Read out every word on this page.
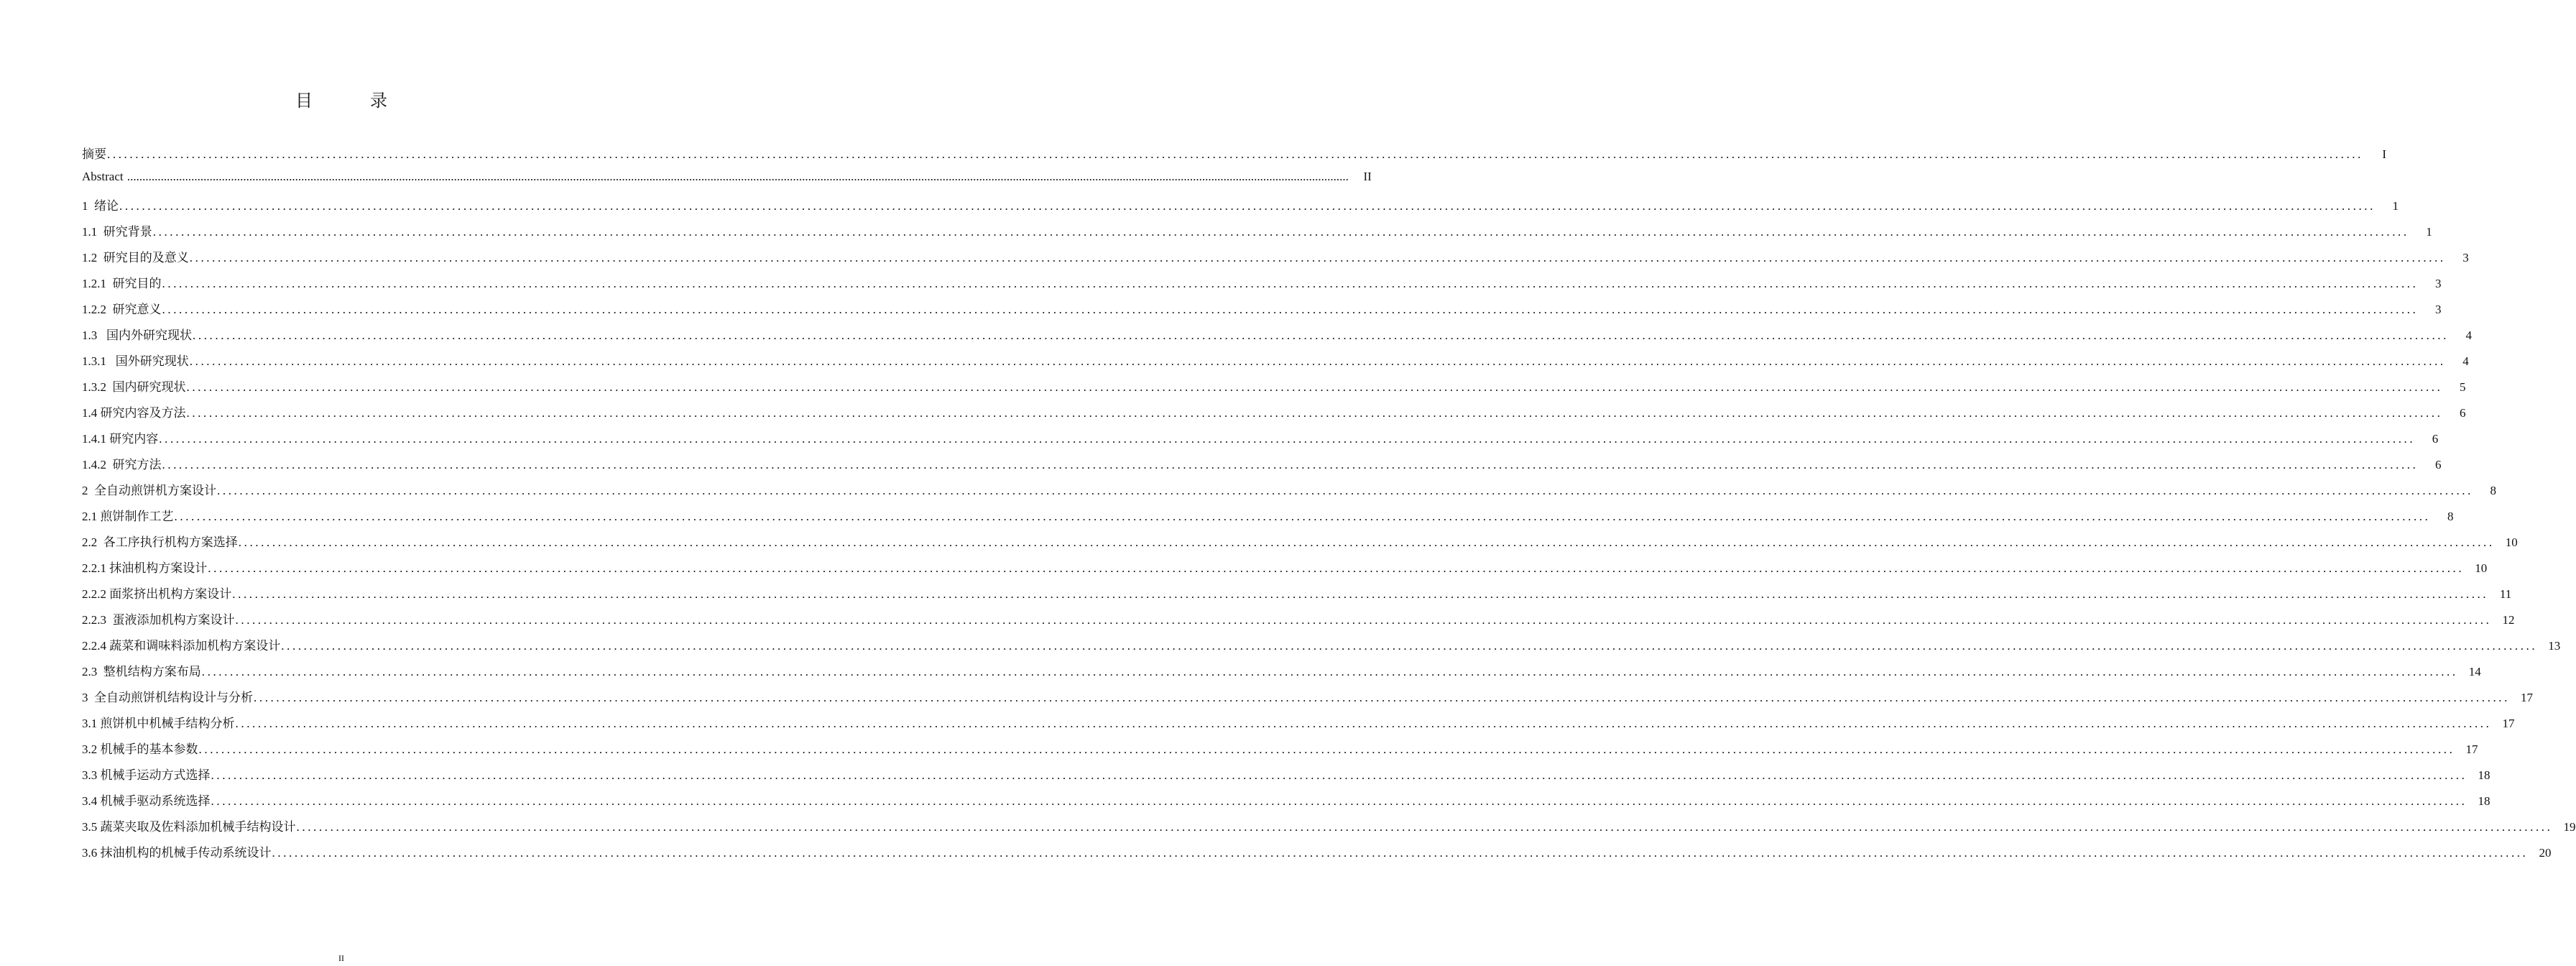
目　录
摘要 ................................................................................................................................................................................................................................................................................................................................................................................................................	I
Abstract ................................................................................................................................................................................................................................................................................................................................................................................................................	II
1  绪论 ................................................................................................................................................................................................................................................................................................................................................................................................................	1
1.1  研究背景 ................................................................................................................................................................................................................................................................................................................................................................................................................	1
1.2  研究目的及意义 ................................................................................................................................................................................................................................................................................................................................................................................................................	3
1.2.1  研究目的 ................................................................................................................................................................................................................................................................................................................................................................................................................	3
1.2.2  研究意义 ................................................................................................................................................................................................................................................................................................................................................................................................................	3
1.3   国内外研究现状 ................................................................................................................................................................................................................................................................................................................................................................................................................	4
1.3.1   国外研究现状 ................................................................................................................................................................................................................................................................................................................................................................................................................	4
1.3.2  国内研究现状 ................................................................................................................................................................................................................................................................................................................................................................................................................	5
1.4 研究内容及方法 ................................................................................................................................................................................................................................................................................................................................................................................................................	6
1.4.1 研究内容 ................................................................................................................................................................................................................................................................................................................................................................................................................	6
1.4.2  研究方法 ................................................................................................................................................................................................................................................................................................................................................................................................................	6
2  全自动煎饼机方案设计 ................................................................................................................................................................................................................................................................................................................................................................................................................	8
2.1 煎饼制作工艺 ................................................................................................................................................................................................................................................................................................................................................................................................................	8
2.2  各工序执行机构方案选择 ................................................................................................................................................................................................................................................................................................................................................................................................................ 10
2.2.1 抹油机构方案设计 ................................................................................................................................................................................................................................................................................................................................................................................................................ 10
2.2.2 面浆挤出机构方案设计 ................................................................................................................................................................................................................................................................................................................................................................................................................ 11
2.2.3  蛋液添加机构方案设计 ................................................................................................................................................................................................................................................................................................................................................................................................................ 12
2.2.4 蔬菜和调味料添加机构方案设计 ................................................................................................................................................................................................................................................................................................................................................................................................................ 13
2.3  整机结构方案布局 ................................................................................................................................................................................................................................................................................................................................................................................................................ 14
3  全自动煎饼机结构设计与分析 ................................................................................................................................................................................................................................................................................................................................................................................................................ 17
3.1 煎饼机中机械手结构分析 ................................................................................................................................................................................................................................................................................................................................................................................................................ 17
3.2 机械手的基本参数 ................................................................................................................................................................................................................................................................................................................................................................................................................ 17
3.3 机械手运动方式选择 ................................................................................................................................................................................................................................................................................................................................................................................................................ 18
3.4 机械手驱动系统选择 ................................................................................................................................................................................................................................................................................................................................................................................................................ 18
3.5 蔬菜夹取及佐料添加机械手结构设计 ................................................................................................................................................................................................................................................................................................................................................................................................................ 19
3.6 抹油机构的机械手传动系统设计 ................................................................................................................................................................................................................................................................................................................................................................................................................ 20
II
